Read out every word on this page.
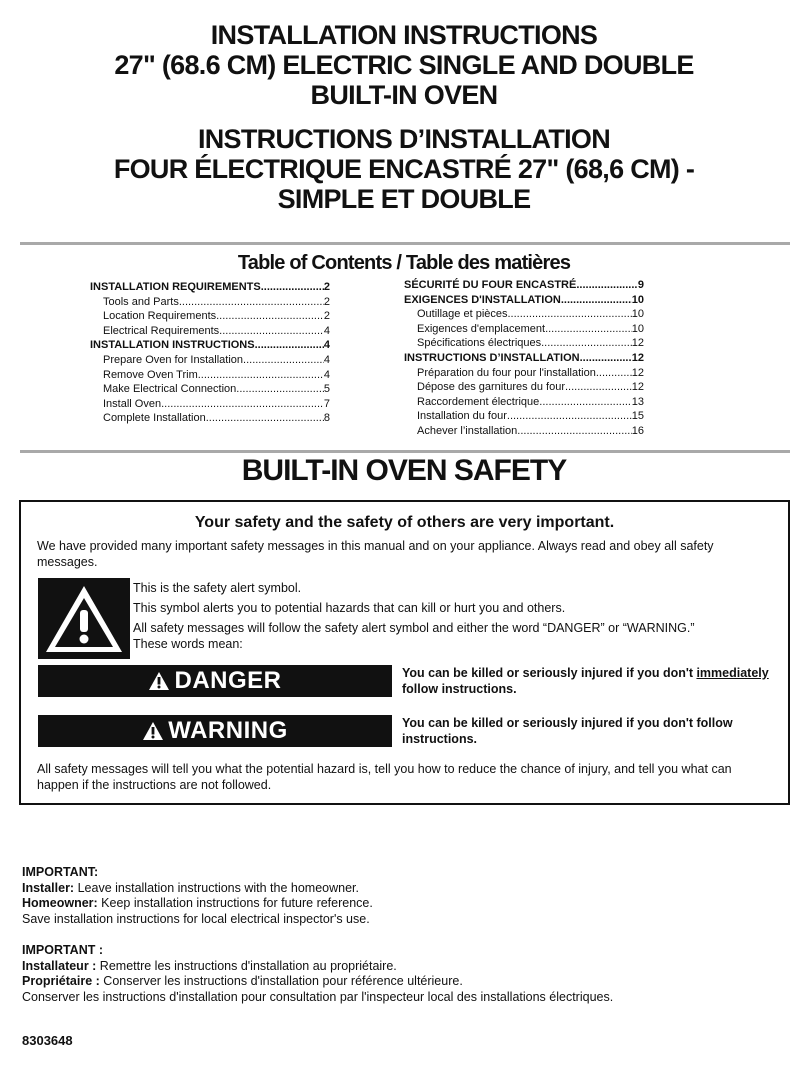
INSTALLATION INSTRUCTIONS

27" (68.6 CM) ELECTRIC SINGLE AND DOUBLE

BUILT-IN OVEN

INSTRUCTIONS D’INSTALLATION

FOUR ÉLECTRIQUE ENCASTRÉ 27" (68,6 CM) -

SIMPLE ET DOUBLE

Table of Contents / Table des matières
INSTALLATION REQUIREMENTS .....	2
Tools and Parts .....	2
Location Requirements .....	2
Electrical Requirements .....	4
INSTALLATION INSTRUCTIONS .....	4
Prepare Oven for Installation .....	4
Remove Oven Trim .....	4
Make Electrical Connection .....	5
Install Oven .....	7
Complete Installation .....	8
SÉCURITÉ DU FOUR ENCASTRÉ .....	9
EXIGENCES D'INSTALLATION .....	10
Outillage et pièces .....	10
Exigences d'emplacement .....	10
Spécifications électriques .....	12
INSTRUCTIONS D’INSTALLATION .....	12
Préparation du four pour l'installation .....	12
Dépose des garnitures du four .....	12
Raccordement électrique .....	13
Installation du four .....	15
Achever l’installation .....	16
BUILT-IN OVEN SAFETY
Your safety and the safety of others are very important.
We have provided many important safety messages in this manual and on your appliance. Always read and obey all safety messages.
This is the safety alert symbol.
This symbol alerts you to potential hazards that can kill or hurt you and others.
All safety messages will follow the safety alert symbol and either the word “DANGER” or “WARNING.”
These words mean:
DANGER	You can be killed or seriously injured if you don't immediately follow instructions.
WARNING	You can be killed or seriously injured if you don't follow instructions.
All safety messages will tell you what the potential hazard is, tell you how to reduce the chance of injury, and tell you what can happen if the instructions are not followed.
IMPORTANT:
Installer: Leave installation instructions with the homeowner.
Homeowner: Keep installation instructions for future reference.
Save installation instructions for local electrical inspector's use.
IMPORTANT :
Installateur : Remettre les instructions d'installation au propriétaire.
Propriétaire : Conserver les instructions d'installation pour référence ultérieure.
Conserver les instructions d'installation pour consultation par l'inspecteur local des installations électriques.
8303648
